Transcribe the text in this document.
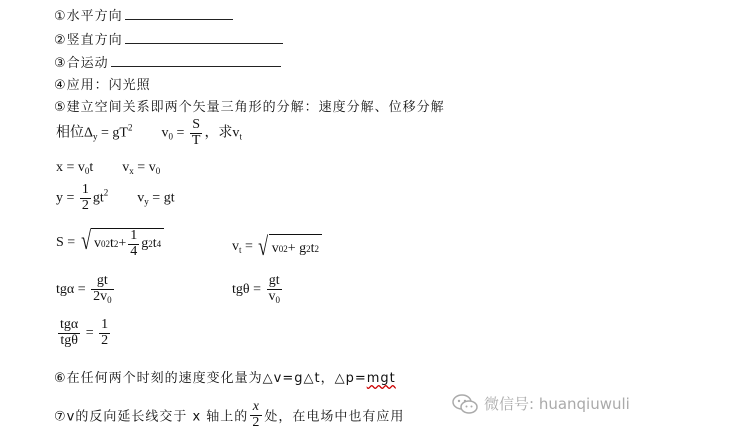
①水平方向
②竖直方向
③合运动
④应用：闪光照
⑤建立空间关系即两个矢量三角形的分解：速度分解、位移分解
相位$\Delta_y = gT^2$ $v_0 = \frac{S}{T}$ ，求$v_t$
$x = v_0t$ $v_x = v_0$
$y = \frac{1}{2} gt^2$ $v_y$ = gt
S = √ v 0 2 t $2 + \frac{1}{4}$ g 2 t 4	$v_t$ = √ v 0 2 + g 2 t 2
$tg\alpha = \frac{gt}{2v_0}$	$tg\theta = \frac{gt}{v_0}$
$\frac{\text{tgα}}{\text{tgθ}} = \frac{1}{2}$
⑥在任何两个时刻的速度变化量为△v=g△t，△p=mgt
⑦v的反向延长线交于 x 轴上的 $\frac{x}{2}$ 处，在电场中也有应用
微信号: huanqiuwuli
